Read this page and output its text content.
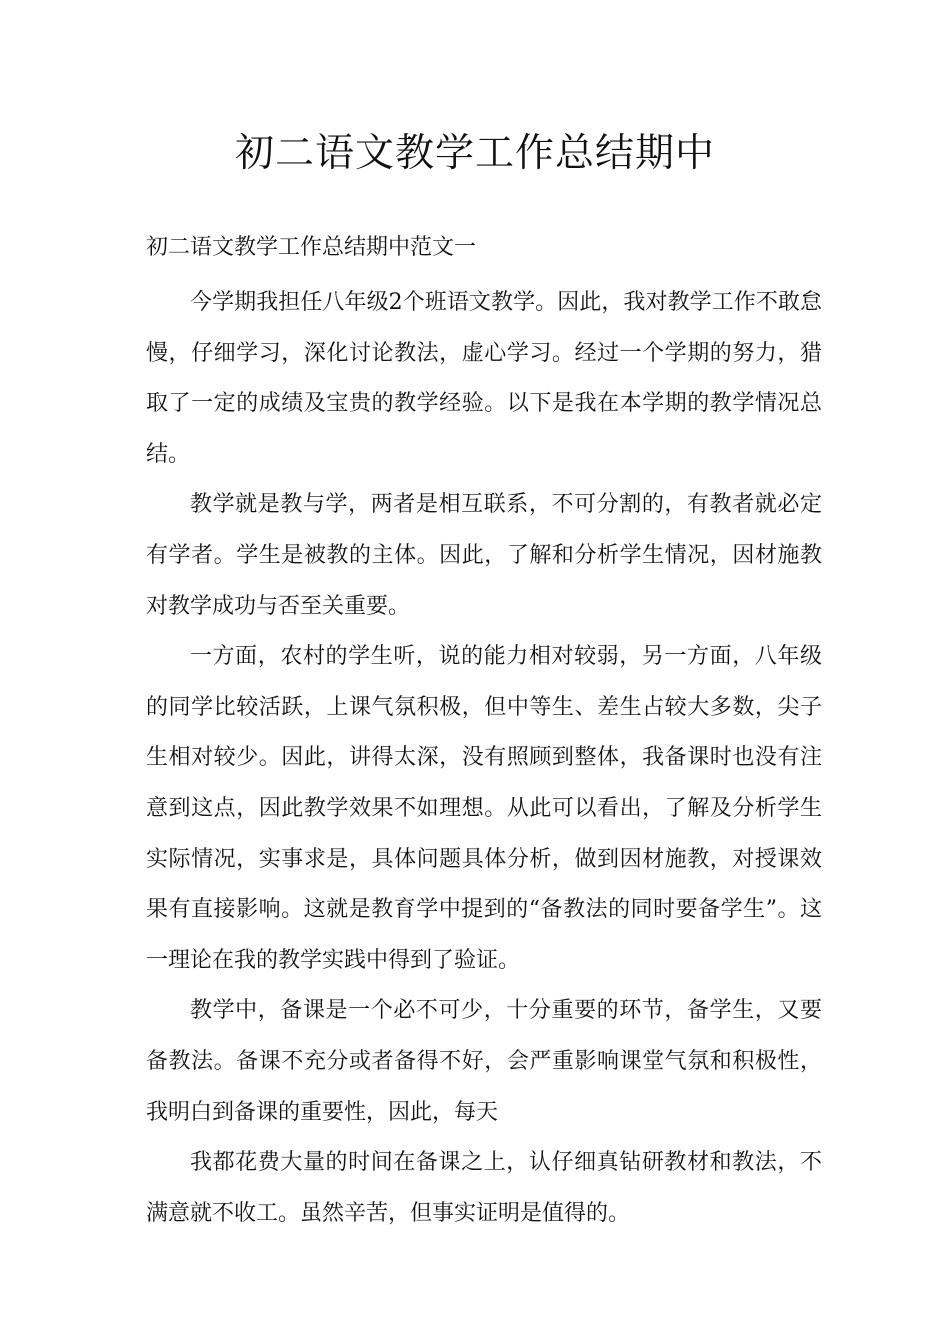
初二语文教学工作总结期中

初二语文教学工作总结期中范文一

今学期我担任八年级2个班语文教学。因此，我对教学工作不敢怠慢，仔细学习，深化讨论教法，虚心学习。经过一个学期的努力，猎取了一定的成绩及宝贵的教学经验。以下是我在本学期的教学情况总结。

教学就是教与学，两者是相互联系，不可分割的，有教者就必定有学者。学生是被教的主体。因此，了解和分析学生情况，因材施教对教学成功与否至关重要。

一方面，农村的学生听，说的能力相对较弱，另一方面，八年级的同学比较活跃，上课气氛积极，但中等生、差生占较大多数，尖子生相对较少。因此，讲得太深，没有照顾到整体，我备课时也没有注意到这点，因此教学效果不如理想。从此可以看出，了解及分析学生实际情况，实事求是，具体问题具体分析，做到因材施教，对授课效果有直接影响。这就是教育学中提到的“备教法的同时要备学生”。这一理论在我的教学实践中得到了验证。

教学中，备课是一个必不可少，十分重要的环节，备学生，又要备教法。备课不充分或者备得不好，会严重影响课堂气氛和积极性，我明白到备课的重要性，因此，每天

我都花费大量的时间在备课之上，认仔细真钻研教材和教法，不满意就不收工。虽然辛苦，但事实证明是值得的。
